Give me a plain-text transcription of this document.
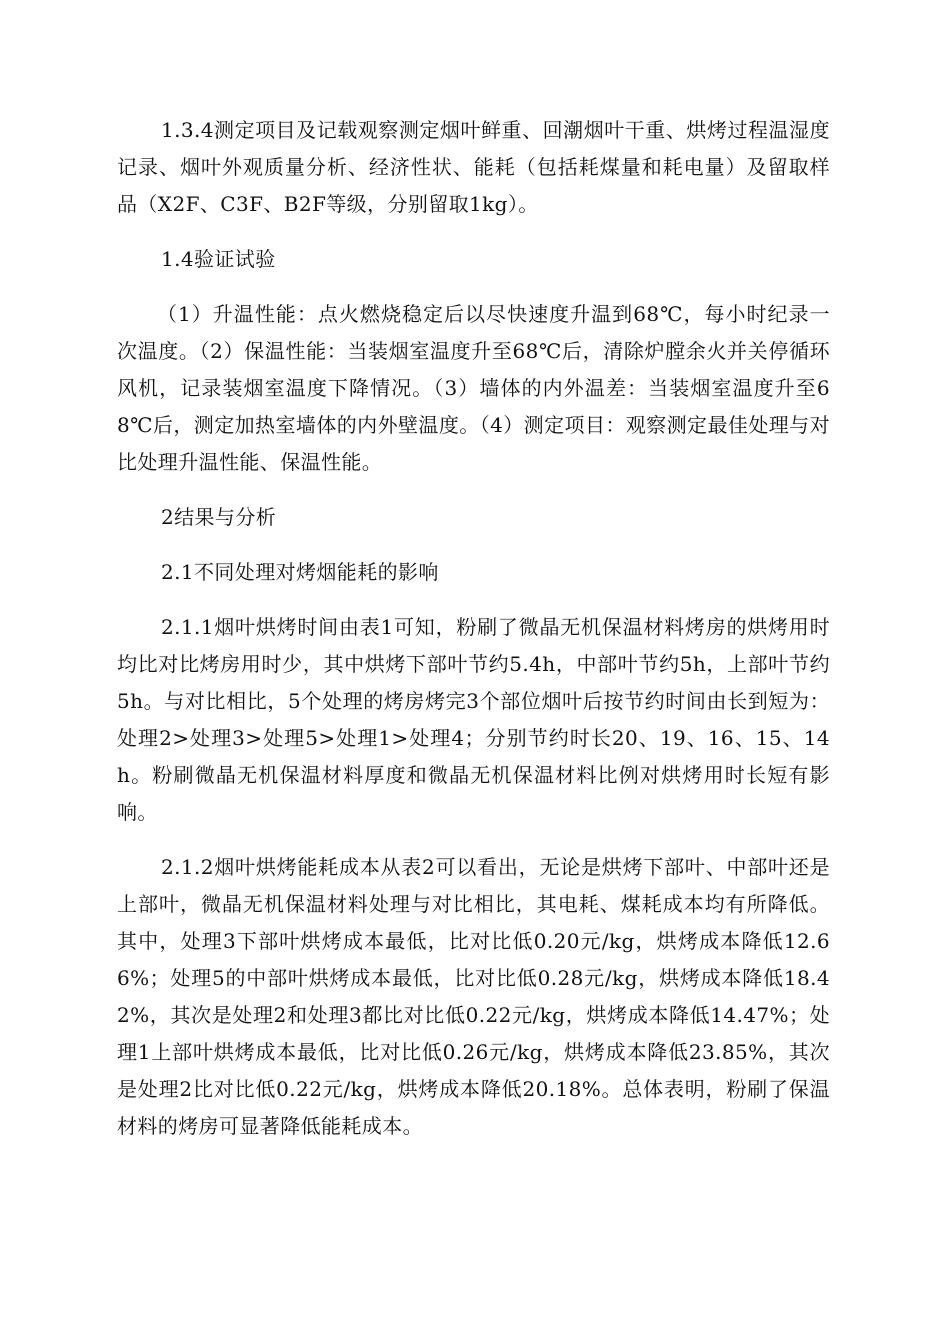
1.3.4测定项目及记载观察测定烟叶鲜重、回潮烟叶干重、烘烤过程温湿度记录、烟叶外观质量分析、经济性状、能耗（包括耗煤量和耗电量）及留取样品（X2F、C3F、B2F等级，分别留取1kg）。

1.4验证试验

（1）升温性能：点火燃烧稳定后以尽快速度升温到68℃，每小时纪录一次温度。（2）保温性能：当装烟室温度升至68℃后，清除炉膛余火并关停循环风机，记录装烟室温度下降情况。（3）墙体的内外温差：当装烟室温度升至68℃后，测定加热室墙体的内外壁温度。（4）测定项目：观察测定最佳处理与对比处理升温性能、保温性能。

2结果与分析

2.1不同处理对烤烟能耗的影响

2.1.1烟叶烘烤时间由表1可知，粉刷了微晶无机保温材料烤房的烘烤用时均比对比烤房用时少，其中烘烤下部叶节约5.4h，中部叶节约5h，上部叶节约5h。与对比相比，5个处理的烤房烤完3个部位烟叶后按节约时间由长到短为：处理2>处理3>处理5>处理1>处理4；分别节约时长20、19、16、15、14h。粉刷微晶无机保温材料厚度和微晶无机保温材料比例对烘烤用时长短有影响。

2.1.2烟叶烘烤能耗成本从表2可以看出，无论是烘烤下部叶、中部叶还是上部叶，微晶无机保温材料处理与对比相比，其电耗、煤耗成本均有所降低。其中，处理3下部叶烘烤成本最低，比对比低0.20元/kg，烘烤成本降低12.66%；处理5的中部叶烘烤成本最低，比对比低0.28元/kg，烘烤成本降低18.42%，其次是处理2和处理3都比对比低0.22元/kg，烘烤成本降低14.47%；处理1上部叶烘烤成本最低，比对比低0.26元/kg，烘烤成本降低23.85%，其次是处理2比对比低0.22元/kg，烘烤成本降低20.18%。总体表明，粉刷了保温材料的烤房可显著降低能耗成本。
